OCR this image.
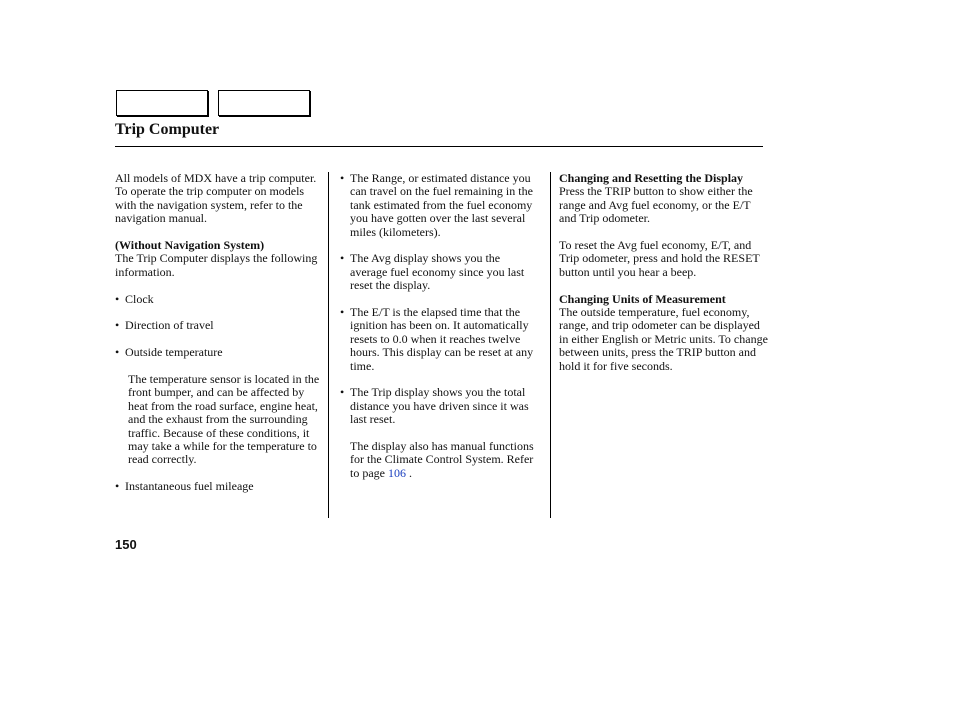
Trip Computer

All models of MDX have a trip computer. To operate the trip computer on models with the navigation system, refer to the navigation manual.

(Without Navigation System)

The Trip Computer displays the following information.

• Clock
• Direction of travel
• Outside temperature

The temperature sensor is located in the front bumper, and can be affected by heat from the road surface, engine heat, and the exhaust from the surrounding traffic. Because of these conditions, it may take a while for the temperature to read correctly.

• Instantaneous fuel mileage
• The Range, or estimated distance you can travel on the fuel remaining in the tank estimated from the fuel economy you have gotten over the last several miles (kilometers).
• The Avg display shows you the average fuel economy since you last reset the display.
• The E/T is the elapsed time that the ignition has been on. It automatically resets to 0.0 when it reaches twelve hours. This display can be reset at any time.
• The Trip display shows you the total distance you have driven since it was last reset.

The display also has manual functions for the Climate Control System. Refer to page 106 .

Changing and Resetting the Display

Press the TRIP button to show either the range and Avg fuel economy, or the E/T and Trip odometer.

To reset the Avg fuel economy, E/T, and Trip odometer, press and hold the RESET button until you hear a beep.

Changing Units of Measurement

The outside temperature, fuel economy, range, and trip odometer can be displayed in either English or Metric units. To change between units, press the TRIP button and hold it for five seconds.

150
